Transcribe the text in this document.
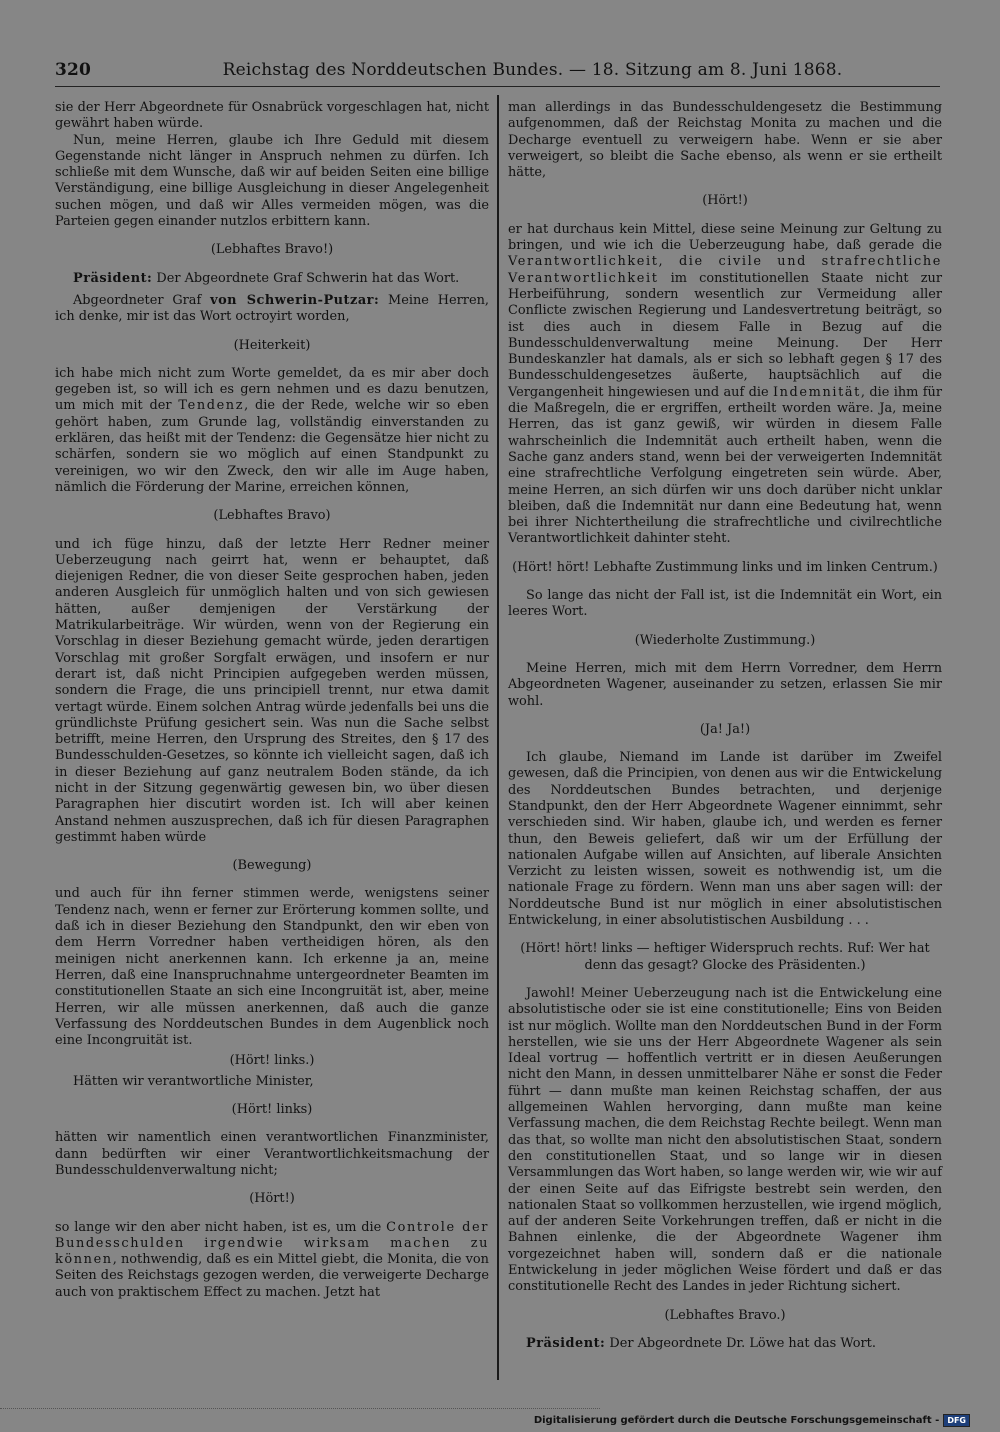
320	Reichstag des Norddeutschen Bundes. — 18. Sitzung am 8. Juni 1868.

sie der Herr Abgeordnete für Osnabrück vorgeschlagen hat, nicht gewährt haben würde.

Nun, meine Herren, glaube ich Ihre Geduld mit diesem Gegenstande nicht länger in Anspruch nehmen zu dürfen. Ich schließe mit dem Wunsche, daß wir auf beiden Seiten eine billige Verständigung, eine billige Ausgleichung in dieser Angelegenheit suchen mögen, und daß wir Alles vermeiden mögen, was die Parteien gegen einander nutzlos erbittern kann.

(Lebhaftes Bravo!)

Präsident: Der Abgeordnete Graf Schwerin hat das Wort.

Abgeordneter Graf von Schwerin-Putzar: Meine Herren, ich denke, mir ist das Wort octroyirt worden,

(Heiterkeit)

ich habe mich nicht zum Worte gemeldet, da es mir aber doch gegeben ist, so will ich es gern nehmen und es dazu benutzen, um mich mit der Tendenz, die der Rede, welche wir so eben gehört haben, zum Grunde lag, vollständig einverstanden zu erklären, das heißt mit der Tendenz: die Gegensätze hier nicht zu schärfen, sondern sie wo möglich auf einen Standpunkt zu vereinigen, wo wir den Zweck, den wir alle im Auge haben, nämlich die Förderung der Marine, erreichen können,

(Lebhaftes Bravo)

und ich füge hinzu, daß der letzte Herr Redner meiner Ueberzeugung nach geirrt hat, wenn er behauptet, daß diejenigen Redner, die von dieser Seite gesprochen haben, jeden anderen Ausgleich für unmöglich halten und von sich gewiesen hätten, außer demjenigen der Verstärkung der Matrikularbeiträge. Wir würden, wenn von der Regierung ein Vorschlag in dieser Beziehung gemacht würde, jeden derartigen Vorschlag mit großer Sorgfalt erwägen, und insofern er nur derart ist, daß nicht Principien aufgegeben werden müssen, sondern die Frage, die uns principiell trennt, nur etwa damit vertagt würde. Einem solchen Antrag würde jedenfalls bei uns die gründlichste Prüfung gesichert sein. Was nun die Sache selbst betrifft, meine Herren, den Ursprung des Streites, den § 17 des Bundesschulden-Gesetzes, so könnte ich vielleicht sagen, daß ich in dieser Beziehung auf ganz neutralem Boden stände, da ich nicht in der Sitzung gegenwärtig gewesen bin, wo über diesen Paragraphen hier discutirt worden ist. Ich will aber keinen Anstand nehmen auszusprechen, daß ich für diesen Paragraphen gestimmt haben würde

(Bewegung)

und auch für ihn ferner stimmen werde, wenigstens seiner Tendenz nach, wenn er ferner zur Erörterung kommen sollte, und daß ich in dieser Beziehung den Standpunkt, den wir eben von dem Herrn Vorredner haben vertheidigen hören, als den meinigen nicht anerkennen kann. Ich erkenne ja an, meine Herren, daß eine Inanspruchnahme untergeordneter Beamten im constitutionellen Staate an sich eine Incongruität ist, aber, meine Herren, wir alle müssen anerkennen, daß auch die ganze Verfassung des Norddeutschen Bundes in dem Augenblick noch eine Incongruität ist.

(Hört! links.)

Hätten wir verantwortliche Minister,

(Hört! links)

hätten wir namentlich einen verantwortlichen Finanzminister, dann bedürften wir einer Verantwortlichkeitsmachung der Bundesschuldenverwaltung nicht;

(Hört!)

so lange wir den aber nicht haben, ist es, um die Controle der Bundesschulden irgendwie wirksam machen zu können, nothwendig, daß es ein Mittel giebt, die Monita, die von Seiten des Reichstags gezogen werden, die verweigerte Decharge auch von praktischem Effect zu machen. Jetzt hat

man allerdings in das Bundesschuldengesetz die Bestimmung aufgenommen, daß der Reichstag Monita zu machen und die Decharge eventuell zu verweigern habe. Wenn er sie aber verweigert, so bleibt die Sache ebenso, als wenn er sie ertheilt hätte,

(Hört!)

er hat durchaus kein Mittel, diese seine Meinung zur Geltung zu bringen, und wie ich die Ueberzeugung habe, daß gerade die Verantwortlichkeit, die civile und strafrechtliche Verantwortlichkeit im constitutionellen Staate nicht zur Herbeiführung, sondern wesentlich zur Vermeidung aller Conflicte zwischen Regierung und Landesvertretung beiträgt, so ist dies auch in diesem Falle in Bezug auf die Bundesschuldenverwaltung meine Meinung. Der Herr Bundeskanzler hat damals, als er sich so lebhaft gegen § 17 des Bundesschuldengesetzes äußerte, hauptsächlich auf die Vergangenheit hingewiesen und auf die Indemnität, die ihm für die Maßregeln, die er ergriffen, ertheilt worden wäre. Ja, meine Herren, das ist ganz gewiß, wir würden in diesem Falle wahrscheinlich die Indemnität auch ertheilt haben, wenn die Sache ganz anders stand, wenn bei der verweigerten Indemnität eine strafrechtliche Verfolgung eingetreten sein würde. Aber, meine Herren, an sich dürfen wir uns doch darüber nicht unklar bleiben, daß die Indemnität nur dann eine Bedeutung hat, wenn bei ihrer Nichtertheilung die strafrechtliche und civilrechtliche Verantwortlichkeit dahinter steht.

(Hört! hört! Lebhafte Zustimmung links und im linken Centrum.)

So lange das nicht der Fall ist, ist die Indemnität ein Wort, ein leeres Wort.

(Wiederholte Zustimmung.)

Meine Herren, mich mit dem Herrn Vorredner, dem Herrn Abgeordneten Wagener, auseinander zu setzen, erlassen Sie mir wohl.

(Ja! Ja!)

Ich glaube, Niemand im Lande ist darüber im Zweifel gewesen, daß die Principien, von denen aus wir die Entwickelung des Norddeutschen Bundes betrachten, und derjenige Standpunkt, den der Herr Abgeordnete Wagener einnimmt, sehr verschieden sind. Wir haben, glaube ich, und werden es ferner thun, den Beweis geliefert, daß wir um der Erfüllung der nationalen Aufgabe willen auf Ansichten, auf liberale Ansichten Verzicht zu leisten wissen, soweit es nothwendig ist, um die nationale Frage zu fördern. Wenn man uns aber sagen will: der Norddeutsche Bund ist nur möglich in einer absolutistischen Entwickelung, in einer absolutistischen Ausbildung . . .

(Hört! hört! links — heftiger Widerspruch rechts. Ruf: Wer hat denn das gesagt? Glocke des Präsidenten.)

Jawohl! Meiner Ueberzeugung nach ist die Entwickelung eine absolutistische oder sie ist eine constitutionelle; Eins von Beiden ist nur möglich. Wollte man den Norddeutschen Bund in der Form herstellen, wie sie uns der Herr Abgeordnete Wagener als sein Ideal vortrug — hoffentlich vertritt er in diesen Aeußerungen nicht den Mann, in dessen unmittelbarer Nähe er sonst die Feder führt — dann mußte man keinen Reichstag schaffen, der aus allgemeinen Wahlen hervorging, dann mußte man keine Verfassung machen, die dem Reichstag Rechte beilegt. Wenn man das that, so wollte man nicht den absolutistischen Staat, sondern den constitutionellen Staat, und so lange wir in diesen Versammlungen das Wort haben, so lange werden wir, wie wir auf der einen Seite auf das Eifrigste bestrebt sein werden, den nationalen Staat so vollkommen herzustellen, wie irgend möglich, auf der anderen Seite Vorkehrungen treffen, daß er nicht in die Bahnen einlenke, die der Abgeordnete Wagener ihm vorgezeichnet haben will, sondern daß er die nationale Entwickelung in jeder möglichen Weise fördert und daß er das constitutionelle Recht des Landes in jeder Richtung sichert.

(Lebhaftes Bravo.)

Präsident: Der Abgeordnete Dr. Löwe hat das Wort.

Digitalisierung gefördert durch die Deutsche Forschungsgemeinschaft -	DFG
